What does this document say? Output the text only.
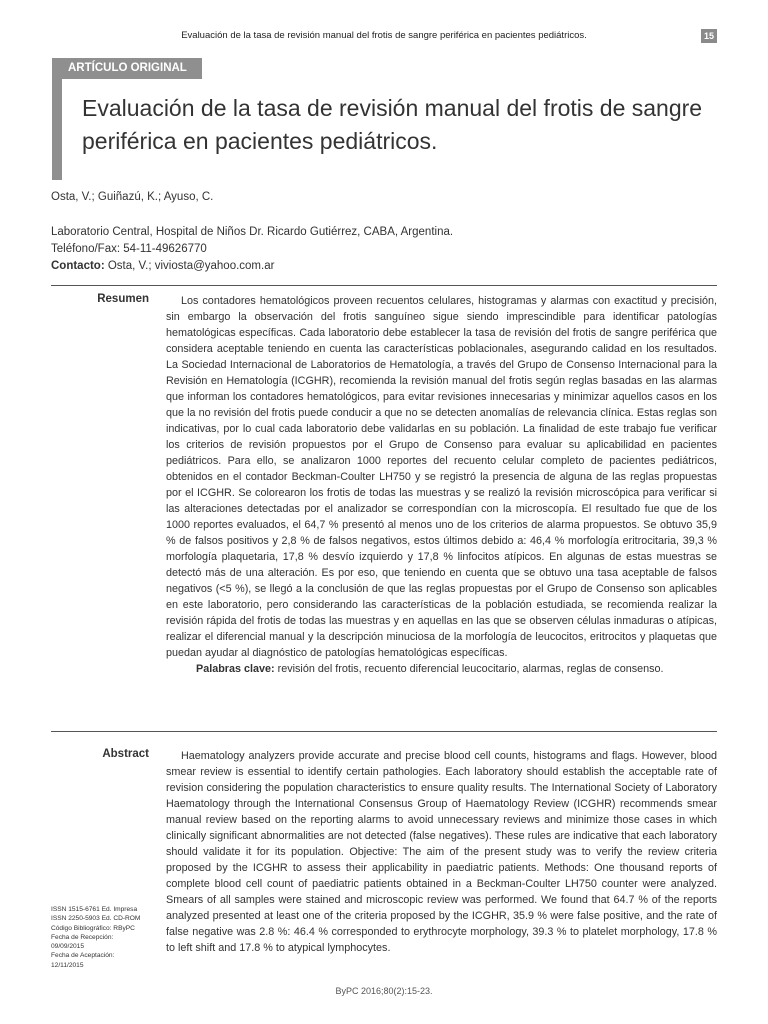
Evaluación de la tasa de revisión manual del frotis de sangre periférica en pacientes pediátricos.	15
ARTÍCULO ORIGINAL
Evaluación de la tasa de revisión manual del frotis de sangre periférica en pacientes pediátricos.
Osta, V.; Guiñazú, K.; Ayuso, C.
Laboratorio Central, Hospital de Niños Dr. Ricardo Gutiérrez, CABA, Argentina.
Teléfono/Fax: 54-11-49626770
Contacto: Osta, V.; viviosta@yahoo.com.ar
Resumen	Los contadores hematológicos proveen recuentos celulares, histogramas y alarmas con exactitud y precisión, sin embargo la observación del frotis sanguíneo sigue siendo imprescindible para identificar patologías hematológicas específicas. Cada laboratorio debe establecer la tasa de revisión del frotis de sangre periférica que considera aceptable teniendo en cuenta las características poblacionales, asegurando calidad en los resultados. La Sociedad Internacional de Laboratorios de Hematología, a través del Grupo de Consenso Internacional para la Revisión en Hematología (ICGHR), recomienda la revisión manual del frotis según reglas basadas en las alarmas que informan los contadores hematológicos, para evitar revisiones innecesarias y minimizar aquellos casos en los que la no revisión del frotis puede conducir a que no se detecten anomalías de relevancia clínica. Estas reglas son indicativas, por lo cual cada laboratorio debe validarlas en su población. La finalidad de este trabajo fue verificar los criterios de revisión propuestos por el Grupo de Consenso para evaluar su aplicabilidad en pacientes pediátricos. Para ello, se analizaron 1000 reportes del recuento celular completo de pacientes pediátricos, obtenidos en el contador Beckman-Coulter LH750 y se registró la presencia de alguna de las reglas propuestas por el ICGHR. Se colorearon los frotis de todas las muestras y se realizó la revisión microscópica para verificar si las alteraciones detectadas por el analizador se correspondían con la microscopía. El resultado fue que de los 1000 reportes evaluados, el 64,7 % presentó al menos uno de los criterios de alarma propuestos. Se obtuvo 35,9 % de falsos positivos y 2,8 % de falsos negativos, estos últimos debido a: 46,4 % morfología eritrocitaria, 39,3 % morfología plaquetaria, 17,8 % desvío izquierdo y 17,8 % linfocitos atípicos. En algunas de estas muestras se detectó más de una alteración. Es por eso, que teniendo en cuenta que se obtuvo una tasa aceptable de falsos negativos (<5 %), se llegó a la conclusión de que las reglas propuestas por el Grupo de Consenso son aplicables en este laboratorio, pero considerando las características de la población estudiada, se recomienda realizar la revisión rápida del frotis de todas las muestras y en aquellas en las que se observen células inmaduras o atípicas, realizar el diferencial manual y la descripción minuciosa de la morfología de leucocitos, eritrocitos y plaquetas que puedan ayudar al diagnóstico de patologías hematológicas específicas.

Palabras clave: revisión del frotis, recuento diferencial leucocitario, alarmas, reglas de consenso.

Abstract	Haematology analyzers provide accurate and precise blood cell counts, histograms and flags. However, blood smear review is essential to identify certain pathologies. Each laboratory should establish the acceptable rate of revision considering the population characteristics to ensure quality results. The International Society of Laboratory Haematology through the International Consensus Group of Haematology Review (ICGHR) recommends smear manual review based on the reporting alarms to avoid unnecessary reviews and minimize those cases in which clinically significant abnormalities are not detected (false negatives). These rules are indicative that each laboratory should validate it for its population. Objective: The aim of the present study was to verify the review criteria proposed by the ICGHR to assess their applicability in paediatric patients. Methods: One thousand reports of complete blood cell count of paediatric patients obtained in a Beckman-Coulter LH750 counter were analyzed. Smears of all samples were stained and microscopic review was performed. We found that 64.7 % of the reports analyzed presented at least one of the criteria proposed by the ICGHR, 35.9 % were false positive, and the rate of false negative was 2.8 %: 46.4 % corresponded to erythrocyte morphology, 39.3 % to platelet morphology, 17.8 % to left shift and 17.8 % to atypical lymphocytes.

ISSN 1515-6761 Ed. Impresa
ISSN 2250-5903 Ed. CD-ROM
Código Bibliográfico: RByPC
Fecha de Recepción:
09/09/2015
Fecha de Aceptación:
12/11/2015
ByPC 2016;80(2):15-23.
